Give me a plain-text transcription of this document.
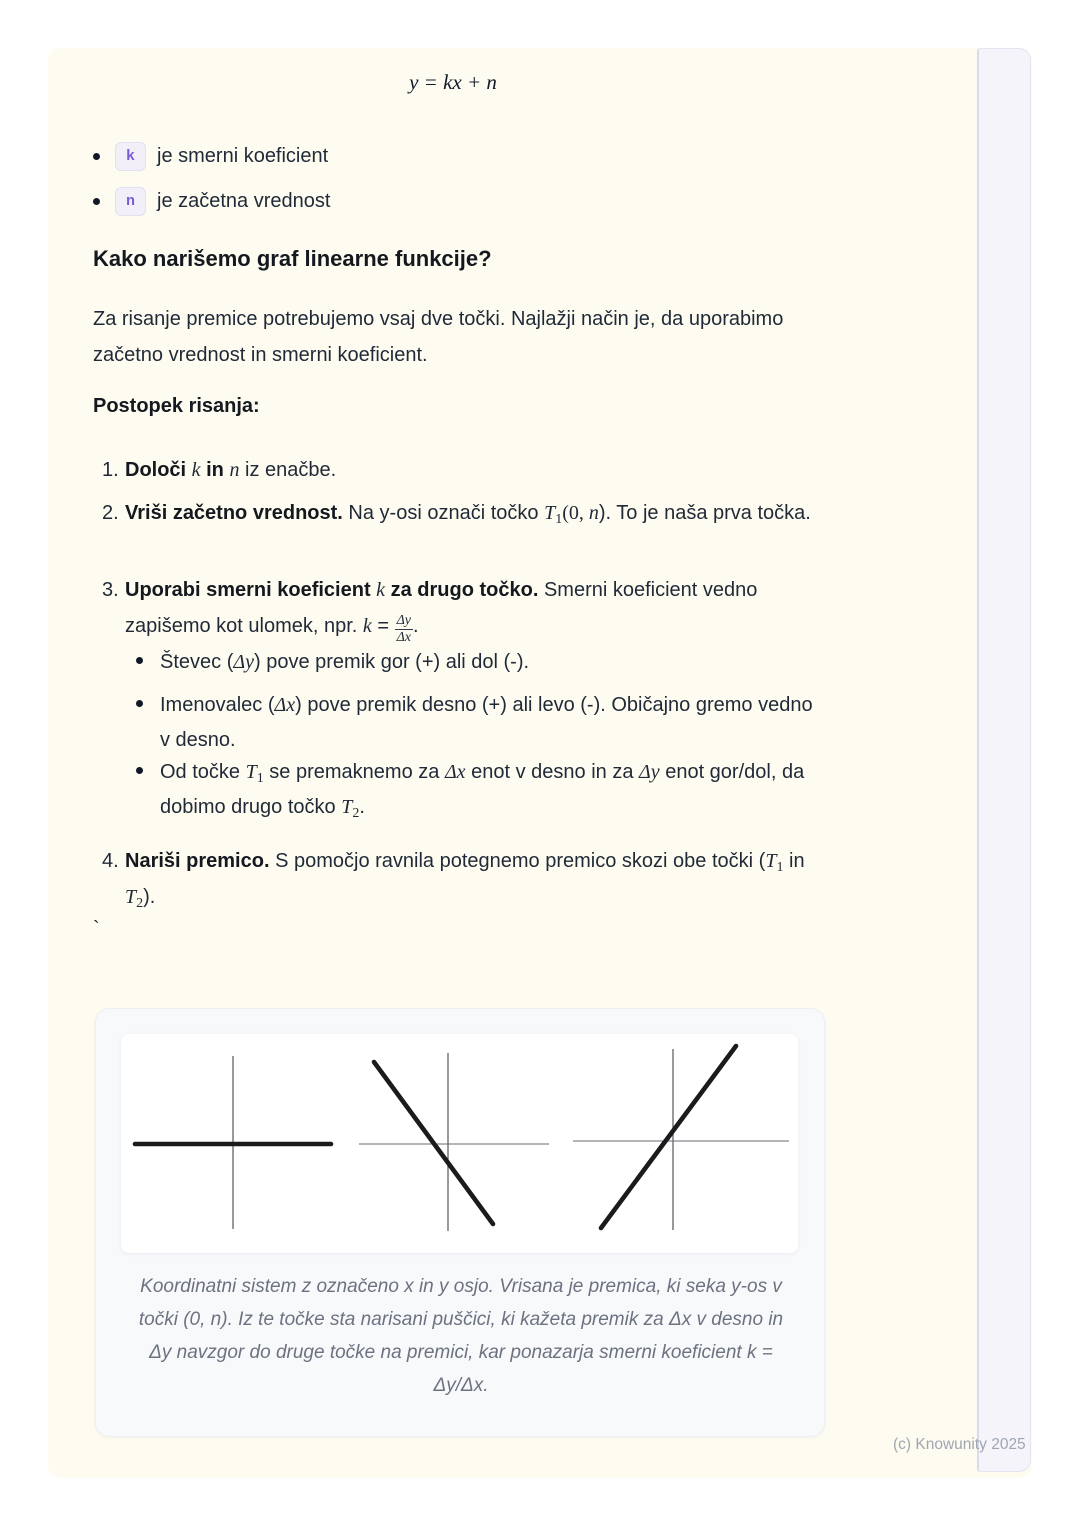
y = kx + n
k	je smerni koeficient
n	je začetna vrednost
Kako narišemo graf linearne funkcije?
Za risanje premice potrebujemo vsaj dve točki. Najlažji način je, da uporabimo začetno vrednost in smerni koeficient.
Postopek risanja:
1. Določi k in n iz enačbe.
2. Vriši začetno vrednost. Na y-osi označi točko $T_1(0$, n). To je naša prva točka.
3. Uporabi smerni koeficient k za drugo točko. Smerni koeficient vedno zapišemo kot ulomek, npr. $k = \frac{\Delta y}{\Delta x}$ .
Števec (Δy) pove premik gor (+) ali dol (-).
Imenovalec (Δx) pove premik desno (+) ali levo (-). Običajno gremo vedno v desno.
Od točke $T_1$ se premaknemo za Δx enot v desno in za Δy enot gor/dol, da dobimo drugo točko $T_2$.
4. Nariši premico. S pomočjo ravnila potegnemo premico skozi obe točki ($T_1$ in $T_2$).
`
Koordinatni sistem z označeno x in y osjo. Vrisana je premica, ki seka y-os v
točki (0, n). Iz te točke sta narisani puščici, ki kažeta premik za Δx v desno in
Δy navzgor do druge točke na premici, kar ponazarja smerni koeficient k =
Δy/Δx.
(c) Knowunity 2025
